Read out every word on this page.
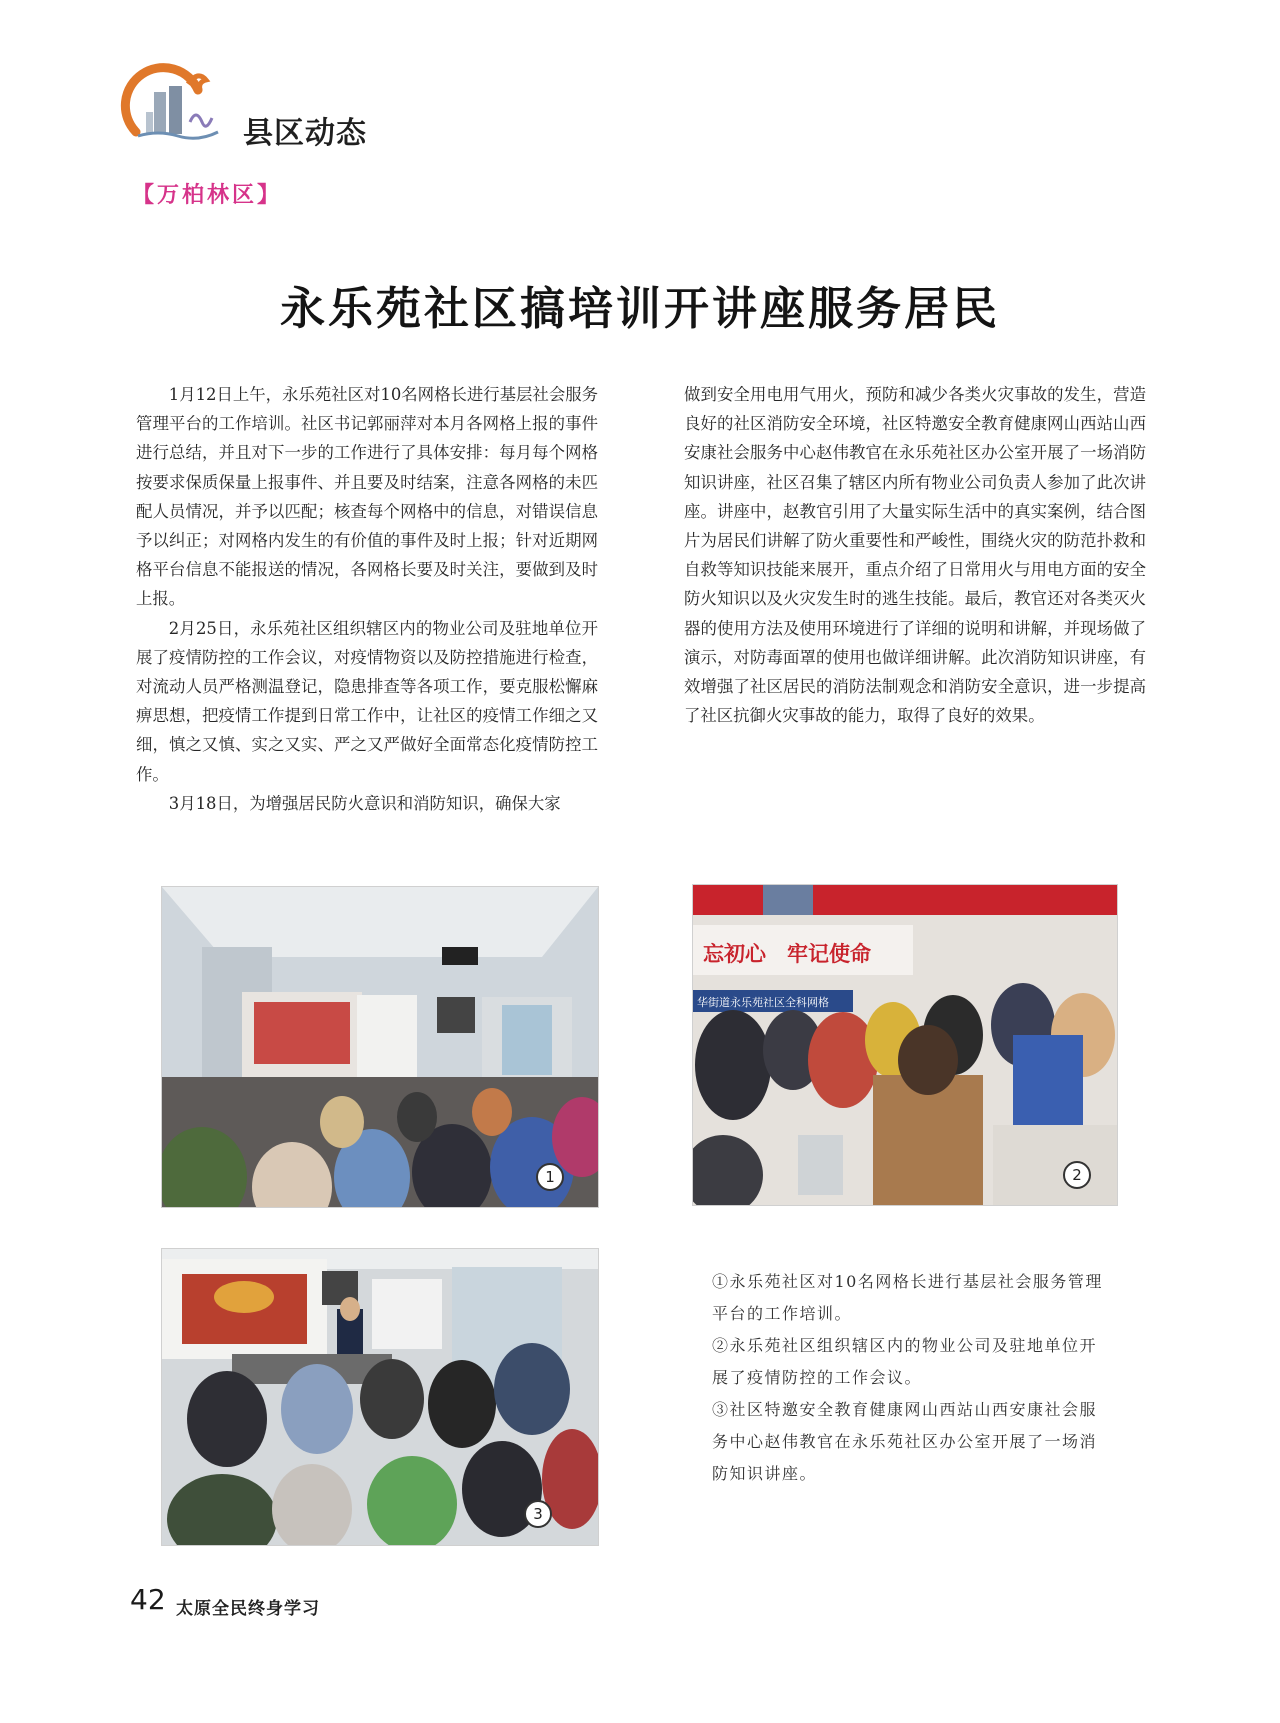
县区动态
【万柏林区】
永乐苑社区搞培训开讲座服务居民

1月12日上午，永乐苑社区对10名网格长进行基层社会服务管理平台的工作培训。社区书记郭丽萍对本月各网格上报的事件进行总结，并且对下一步的工作进行了具体安排：每月每个网格按要求保质保量上报事件、并且要及时结案，注意各网格的未匹配人员情况，并予以匹配；核查每个网格中的信息，对错误信息予以纠正；对网格内发生的有价值的事件及时上报；针对近期网格平台信息不能报送的情况，各网格长要及时关注，要做到及时上报。

2月25日，永乐苑社区组织辖区内的物业公司及驻地单位开展了疫情防控的工作会议，对疫情物资以及防控措施进行检查，对流动人员严格测温登记，隐患排查等各项工作，要克服松懈麻痹思想，把疫情工作提到日常工作中，让社区的疫情工作细之又细，慎之又慎、实之又实、严之又严做好全面常态化疫情防控工作。

3月18日，为增强居民防火意识和消防知识，确保大家

做到安全用电用气用火，预防和减少各类火灾事故的发生，营造良好的社区消防安全环境，社区特邀安全教育健康网山西站山西安康社会服务中心赵伟教官在永乐苑社区办公室开展了一场消防知识讲座，社区召集了辖区内所有物业公司负责人参加了此次讲座。讲座中，赵教官引用了大量实际生活中的真实案例，结合图片为居民们讲解了防火重要性和严峻性，围绕火灾的防范扑救和自救等知识技能来展开，重点介绍了日常用火与用电方面的安全防火知识以及火灾发生时的逃生技能。最后，教官还对各类灭火器的使用方法及使用环境进行了详细的说明和讲解，并现场做了演示，对防毒面罩的使用也做详细讲解。此次消防知识讲座，有效增强了社区居民的消防法制观念和消防安全意识，进一步提高了社区抗御火灾事故的能力，取得了良好的效果。

1
忘初心　牢记使命
华街道永乐苑社区全科网格
2
3

①永乐苑社区对10名网格长进行基层社会服务管理平台的工作培训。

②永乐苑社区组织辖区内的物业公司及驻地单位开展了疫情防控的工作会议。

③社区特邀安全教育健康网山西站山西安康社会服务中心赵伟教官在永乐苑社区办公室开展了一场消防知识讲座。

42 太原全民终身学习
